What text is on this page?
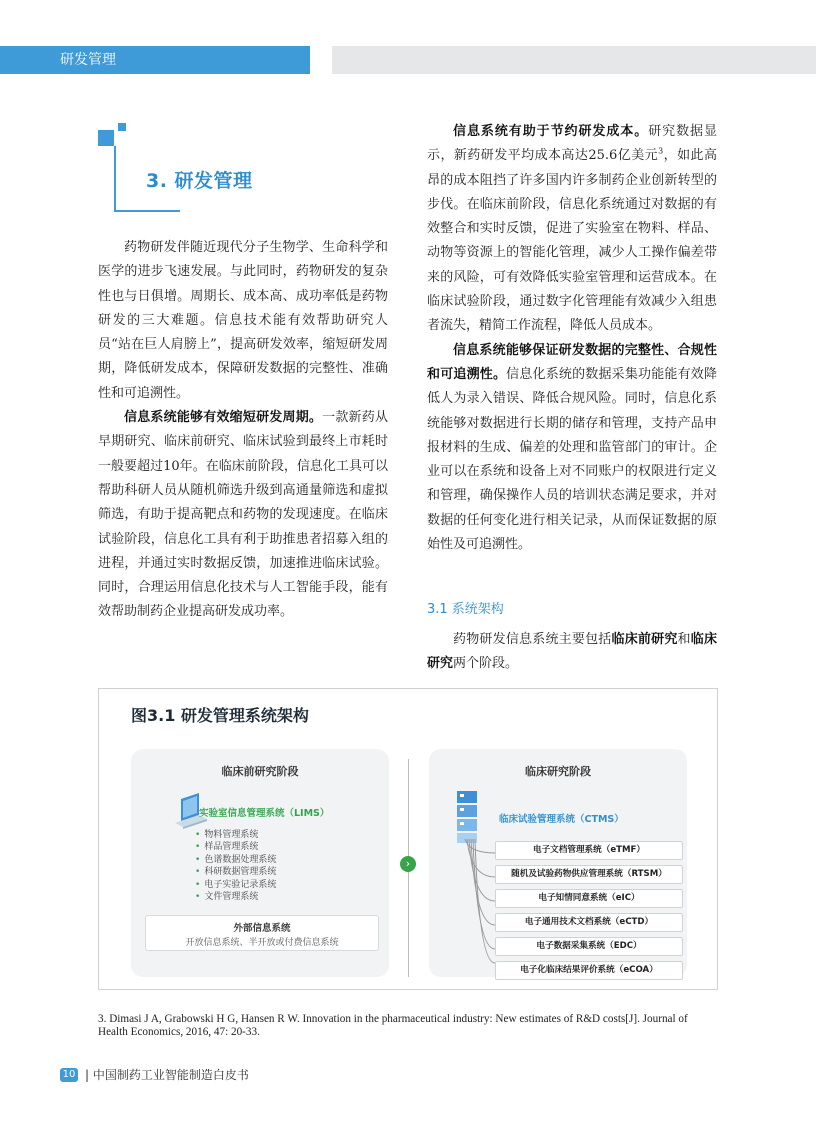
研发管理
3. 研发管理

药物研发伴随近现代分子生物学、生命科学和医学的进步飞速发展。与此同时，药物研发的复杂性也与日俱增。周期长、成本高、成功率低是药物研发的三大难题。信息技术能有效帮助研究人员“站在巨人肩膀上”，提高研发效率，缩短研发周期，降低研发成本，保障研发数据的完整性、准确性和可追溯性。

信息系统能够有效缩短研发周期。一款新药从早期研究、临床前研究、临床试验到最终上市耗时一般要超过10年。在临床前阶段，信息化工具可以帮助科研人员从随机筛选升级到高通量筛选和虚拟筛选，有助于提高靶点和药物的发现速度。在临床试验阶段，信息化工具有利于助推患者招募入组的进程，并通过实时数据反馈，加速推进临床试验。同时，合理运用信息化技术与人工智能手段，能有效帮助制药企业提高研发成功率。

信息系统有助于节约研发成本。研究数据显示，新药研发平均成本高达25.6亿美元$^3$，如此高昂的成本阻挡了许多国内许多制药企业创新转型的步伐。在临床前阶段，信息化系统通过对数据的有效整合和实时反馈，促进了实验室在物料、样品、动物等资源上的智能化管理，减少人工操作偏差带来的风险，可有效降低实验室管理和运营成本。在临床试验阶段，通过数字化管理能有效减少入组患者流失，精简工作流程，降低人员成本。

信息系统能够保证研发数据的完整性、合规性和可追溯性。信息化系统的数据采集功能能有效降低人为录入错误、降低合规风险。同时，信息化系统能够对数据进行长期的储存和管理，支持产品申报材料的生成、偏差的处理和监管部门的审计。企业可以在系统和设备上对不同账户的权限进行定义和管理，确保操作人员的培训状态满足要求，并对数据的任何变化进行相关记录，从而保证数据的原始性及可追溯性。

3.1 系统架构

药物研发信息系统主要包括临床前研究和临床研究两个阶段。

图3.1 研发管理系统架构
临床前研究阶段
实验室信息管理系统（LIMS）
• 物料管理系统
• 样品管理系统
• 色谱数据处理系统
• 科研数据管理系统
• 电子实验记录系统
• 文件管理系统
外部信息系统
开放信息系统、半开放或付费信息系统
›
临床研究阶段
临床试验管理系统（CTMS）
电子文档管理系统（eTMF）
随机及试验药物供应管理系统（RTSM）
电子知情同意系统（eIC）
电子通用技术文档系统（eCTD）
电子数据采集系统（EDC）
电子化临床结果评价系统（eCOA）
3. Dimasi J A, Grabowski H G, Hansen R W. Innovation in the pharmaceutical industry: New estimates of R&D costs[J]. Journal of Health Economics, 2016, 47: 20-33.
10 | 中国制药工业智能制造白皮书
